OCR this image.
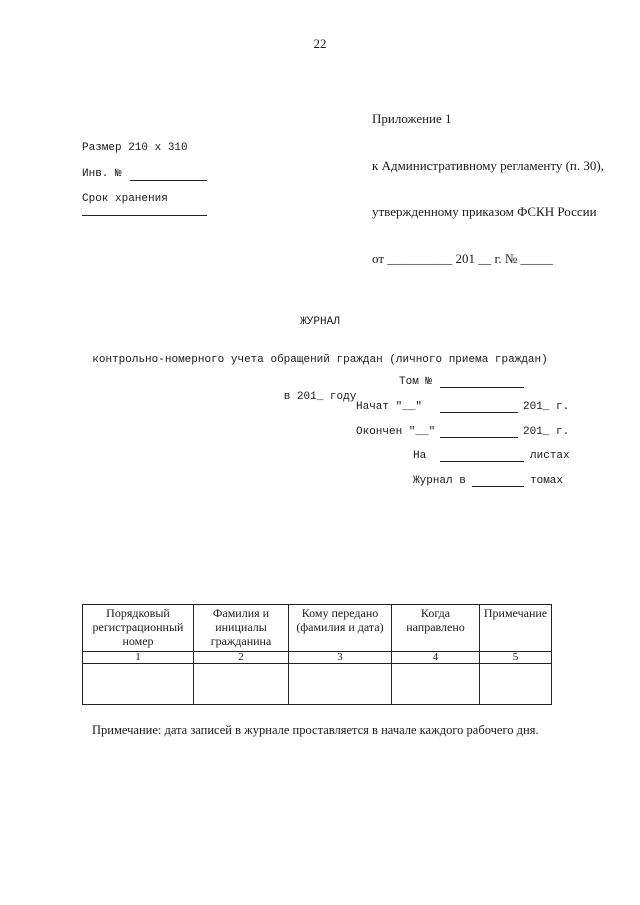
22

Приложение 1

к Административному регламенту (п. 30),

утвержденному приказом ФСКН России

от __________ 201 __ г. № _____

Размер 210 х 310
Инв. №
Срок хранения

ЖУРНАЛ

контрольно-номерного учета обращений граждан (личного приема граждан)

в 201_ году

Том №
Начат "__"	201_ г.
Окончен "__"	201_ г.
На	листах
Журнал в	томах
Порядковый регистрационный номер	Фамилия и инициалы гражданина	Кому передано (фамилия и дата)	Когда направлено	Примечание
1	2	3	4	5

Примечание: дата записей в журнале проставляется в начале каждого рабочего дня.
